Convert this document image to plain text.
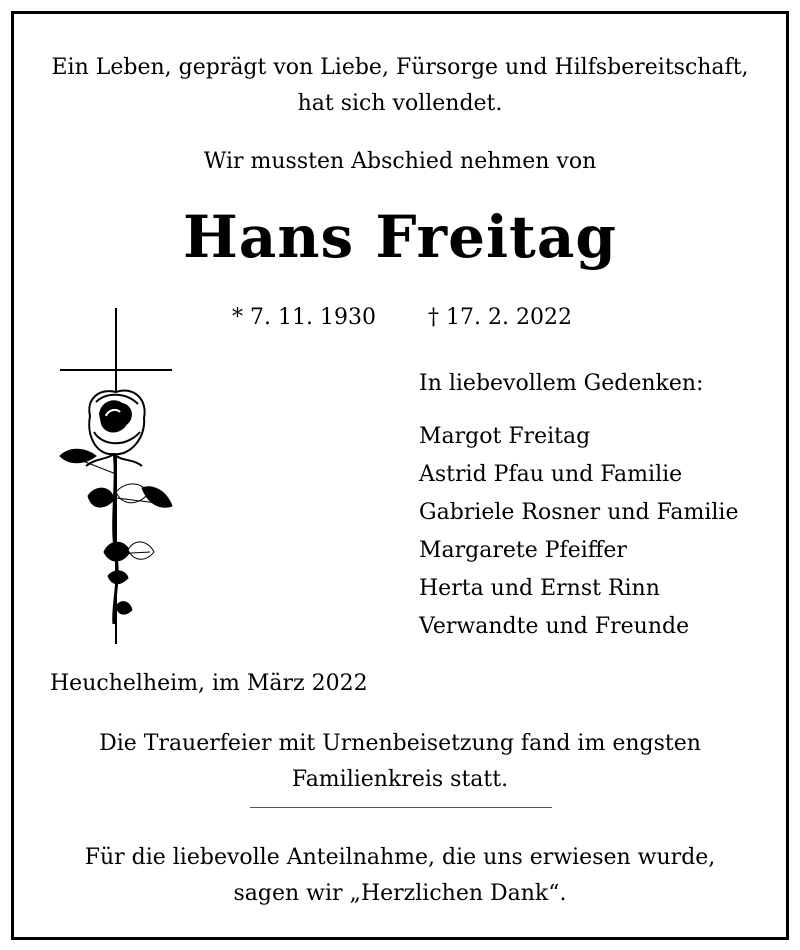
Ein Leben, geprägt von Liebe, Fürsorge und Hilfsbereitschaft,
hat sich vollendet.
Wir mussten Abschied nehmen von
Hans Freitag
* 7. 11. 1930 † 17. 2. 2022
In liebevollem Gedenken:
Margot Freitag
Astrid Pfau und Familie
Gabriele Rosner und Familie
Margarete Pfeiffer
Herta und Ernst Rinn
Verwandte und Freunde
Heuchelheim, im März 2022
Die Trauerfeier mit Urnenbeisetzung fand im engsten
Familienkreis statt.
Für die liebevolle Anteilnahme, die uns erwiesen wurde,
sagen wir „Herzlichen Dank“.
